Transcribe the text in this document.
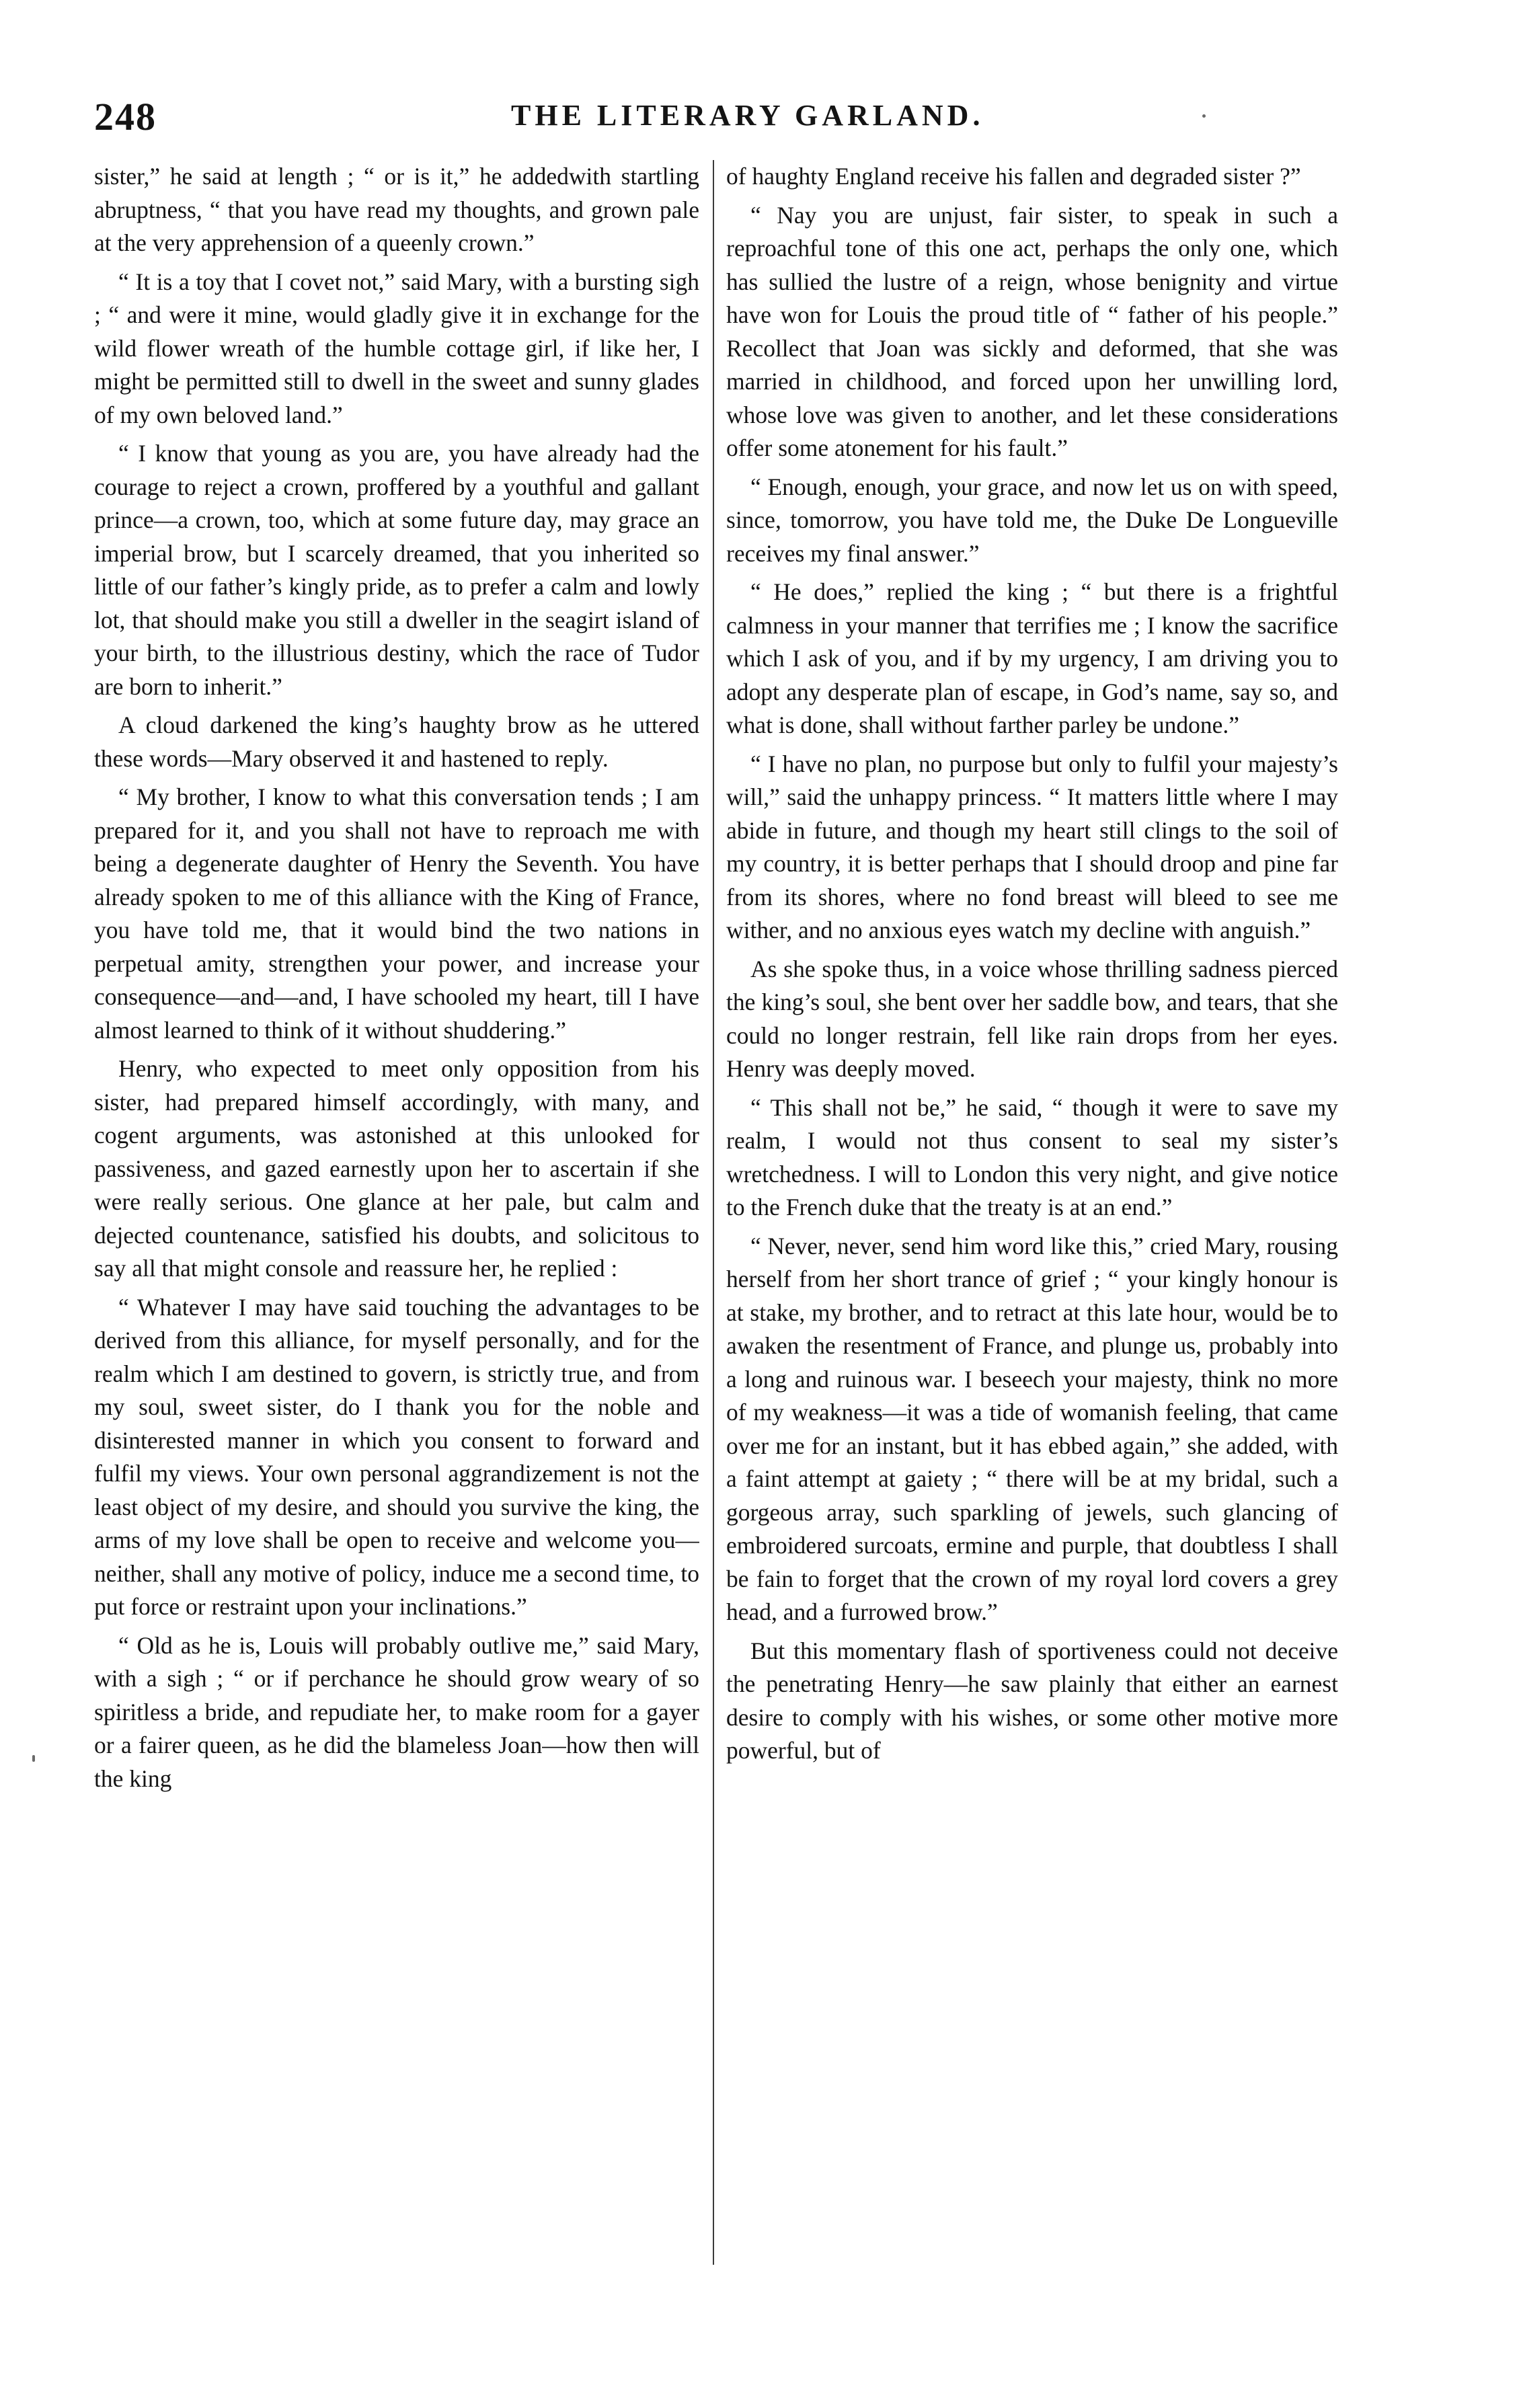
248	THE LITERARY GARLAND.

sister,” he said at length ; “ or is it,” he addedwith startling abruptness, “ that you have read my thoughts, and grown pale at the very apprehension of a queenly crown.”

“ It is a toy that I covet not,” said Mary, with a bursting sigh ; “ and were it mine, would gladly give it in exchange for the wild flower wreath of the humble cottage girl, if like her, I might be permitted still to dwell in the sweet and sunny glades of my own beloved land.”

“ I know that young as you are, you have already had the courage to reject a crown, proffered by a youthful and gallant prince—a crown, too, which at some future day, may grace an imperial brow, but I scarcely dreamed, that you inherited so little of our father’s kingly pride, as to prefer a calm and lowly lot, that should make you still a dweller in the seagirt island of your birth, to the illustrious destiny, which the race of Tudor are born to inherit.”

A cloud darkened the king’s haughty brow as he uttered these words—Mary observed it and hastened to reply.

“ My brother, I know to what this conversation tends ; I am prepared for it, and you shall not have to reproach me with being a degenerate daughter of Henry the Seventh. You have already spoken to me of this alliance with the King of France, you have told me, that it would bind the two nations in perpetual amity, strengthen your power, and increase your consequence—and—and, I have schooled my heart, till I have almost learned to think of it without shuddering.”

Henry, who expected to meet only opposition from his sister, had prepared himself accordingly, with many, and cogent arguments, was astonished at this unlooked for passiveness, and gazed earnestly upon her to ascertain if she were really serious. One glance at her pale, but calm and dejected countenance, satisfied his doubts, and solicitous to say all that might console and reassure her, he replied :

“ Whatever I may have said touching the advantages to be derived from this alliance, for myself personally, and for the realm which I am destined to govern, is strictly true, and from my soul, sweet sister, do I thank you for the noble and disinterested manner in which you consent to forward and fulfil my views. Your own personal aggrandizement is not the least object of my desire, and should you survive the king, the arms of my love shall be open to receive and welcome you—neither, shall any motive of policy, induce me a second time, to put force or restraint upon your inclinations.”

“ Old as he is, Louis will probably outlive me,” said Mary, with a sigh ; “ or if perchance he should grow weary of so spiritless a bride, and repudiate her, to make room for a gayer or a fairer queen, as he did the blameless Joan—how then will the king

of haughty England receive his fallen and degraded sister ?”

“ Nay you are unjust, fair sister, to speak in such a reproachful tone of this one act, perhaps the only one, which has sullied the lustre of a reign, whose benignity and virtue have won for Louis the proud title of “ father of his people.” Recollect that Joan was sickly and deformed, that she was married in childhood, and forced upon her unwilling lord, whose love was given to another, and let these considerations offer some atonement for his fault.”

“ Enough, enough, your grace, and now let us on with speed, since, tomorrow, you have told me, the Duke De Longueville receives my final answer.”

“ He does,” replied the king ; “ but there is a frightful calmness in your manner that terrifies me ; I know the sacrifice which I ask of you, and if by my urgency, I am driving you to adopt any desperate plan of escape, in God’s name, say so, and what is done, shall without farther parley be undone.”

“ I have no plan, no purpose but only to fulfil your majesty’s will,” said the unhappy princess. “ It matters little where I may abide in future, and though my heart still clings to the soil of my country, it is better perhaps that I should droop and pine far from its shores, where no fond breast will bleed to see me wither, and no anxious eyes watch my decline with anguish.”

As she spoke thus, in a voice whose thrilling sadness pierced the king’s soul, she bent over her saddle bow, and tears, that she could no longer restrain, fell like rain drops from her eyes. Henry was deeply moved.

“ This shall not be,” he said, “ though it were to save my realm, I would not thus consent to seal my sister’s wretchedness. I will to London this very night, and give notice to the French duke that the treaty is at an end.”

“ Never, never, send him word like this,” cried Mary, rousing herself from her short trance of grief ; “ your kingly honour is at stake, my brother, and to retract at this late hour, would be to awaken the resentment of France, and plunge us, probably into a long and ruinous war. I beseech your majesty, think no more of my weakness—it was a tide of womanish feeling, that came over me for an instant, but it has ebbed again,” she added, with a faint attempt at gaiety ; “ there will be at my bridal, such a gorgeous array, such sparkling of jewels, such glancing of embroidered surcoats, ermine and purple, that doubtless I shall be fain to forget that the crown of my royal lord covers a grey head, and a furrowed brow.”

But this momentary flash of sportiveness could not deceive the penetrating Henry—he saw plainly that either an earnest desire to comply with his wishes, or some other motive more powerful, but of
